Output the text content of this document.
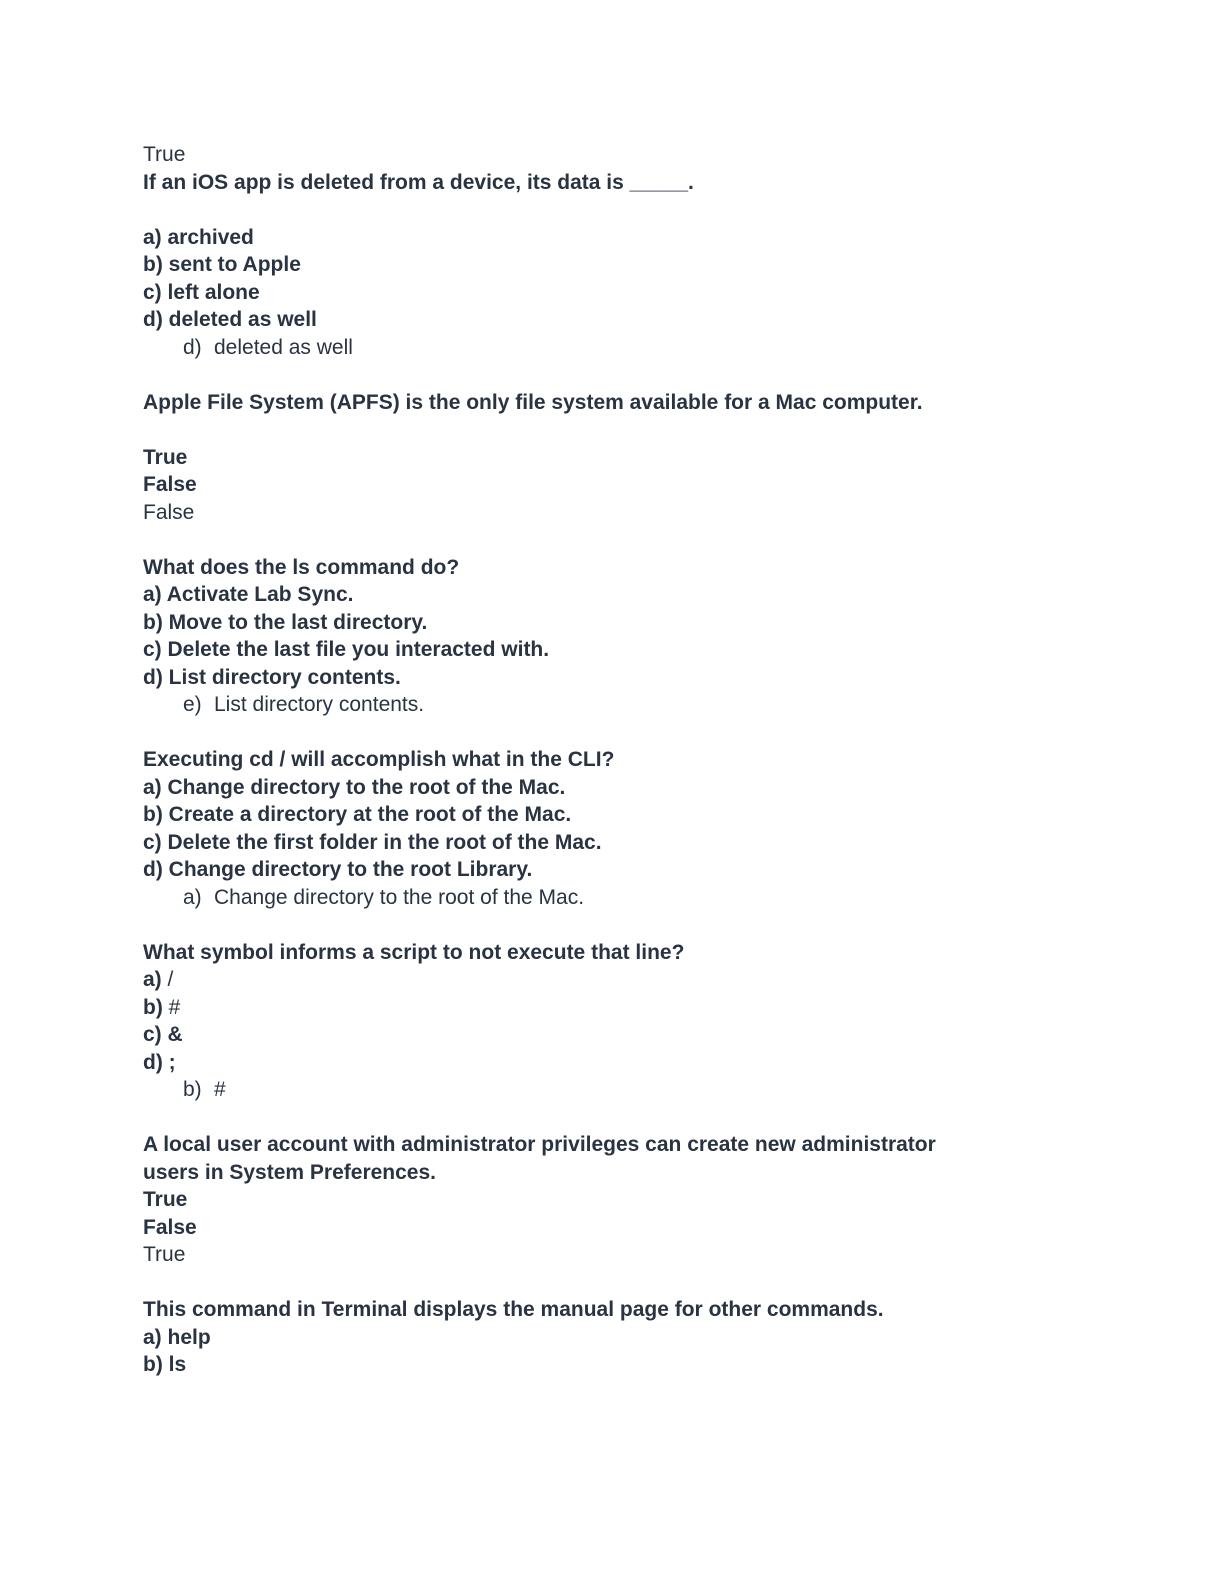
True
If an iOS app is deleted from a device, its data is _____.

a) archived
b) sent to Apple
c) left alone
d) deleted as well
d) deleted as well

Apple File System (APFS) is the only file system available for a Mac computer.

True
False
False

What does the ls command do?
a) Activate Lab Sync.
b) Move to the last directory.
c) Delete the last file you interacted with.
d) List directory contents.
e) List directory contents.

Executing cd / will accomplish what in the CLI?
a) Change directory to the root of the Mac.
b) Create a directory at the root of the Mac.
c) Delete the first folder in the root of the Mac.
d) Change directory to the root Library.
a) Change directory to the root of the Mac.

What symbol informs a script to not execute that line?
a) /
b) #
c) &
d) ;
b) #

A local user account with administrator privileges can create new administrator
users in System Preferences.
True
False
True

This command in Terminal displays the manual page for other commands.
a) help
b) ls
